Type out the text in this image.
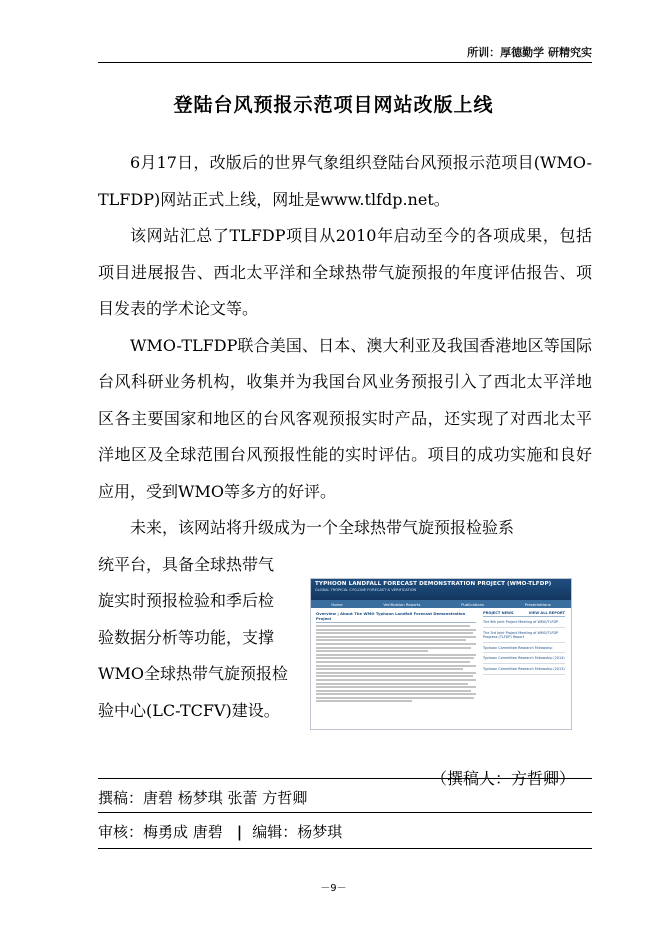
所训：厚德勤学 研精究实
登陆台风预报示范项目网站改版上线

6月17日，改版后的世界气象组织登陆台风预报示范项目(WMO-TLFDP)网站正式上线，网址是www.tlfdp.net。

该网站汇总了TLFDP项目从2010年启动至今的各项成果，包括项目进展报告、西北太平洋和全球热带气旋预报的年度评估报告、项目发表的学术论文等。

WMO-TLFDP联合美国、日本、澳大利亚及我国香港地区等国际台风科研业务机构，收集并为我国台风业务预报引入了西北太平洋地区各主要国家和地区的台风客观预报实时产品，还实现了对西北太平洋地区及全球范围台风预报性能的实时评估。项目的成功实施和良好应用，受到WMO等多方的好评。

未来，该网站将升级成为一个全球热带气旋预报检验系

统平台，具备全球热带气
旋实时预报检验和季后检
验数据分析等功能，支撑
WMO全球热带气旋预报检
验中心(LC-TCFV)建设。
TYPHOON LANDFALL FORECAST DEMONSTRATION PROJECT (WMO-TLFDP)
GLOBAL TROPICAL CYCLONE FORECAST & VERIFICATION
Home	Verification Reports	Publications	Presentations
Overview | About The WMO Typhoon Landfall Forecast Demonstration Project
PROJECT NEWS	VIEW ALL REPORT
The 8th Joint Project Meeting of WMO/TLFDP
The 3rd Joint Project Meeting of WMO/TLFDP Progress (TLFDP) Report
Typhoon Committee Research Fellowship
Typhoon Committee Research Fellowship (2014)
Typhoon Committee Research Fellowship (2013)
（撰稿人：方哲卿）
撰稿：唐碧 杨梦琪 张蕾 方哲卿
审核：梅勇成 唐碧 | 编辑：杨梦琪
－9－
